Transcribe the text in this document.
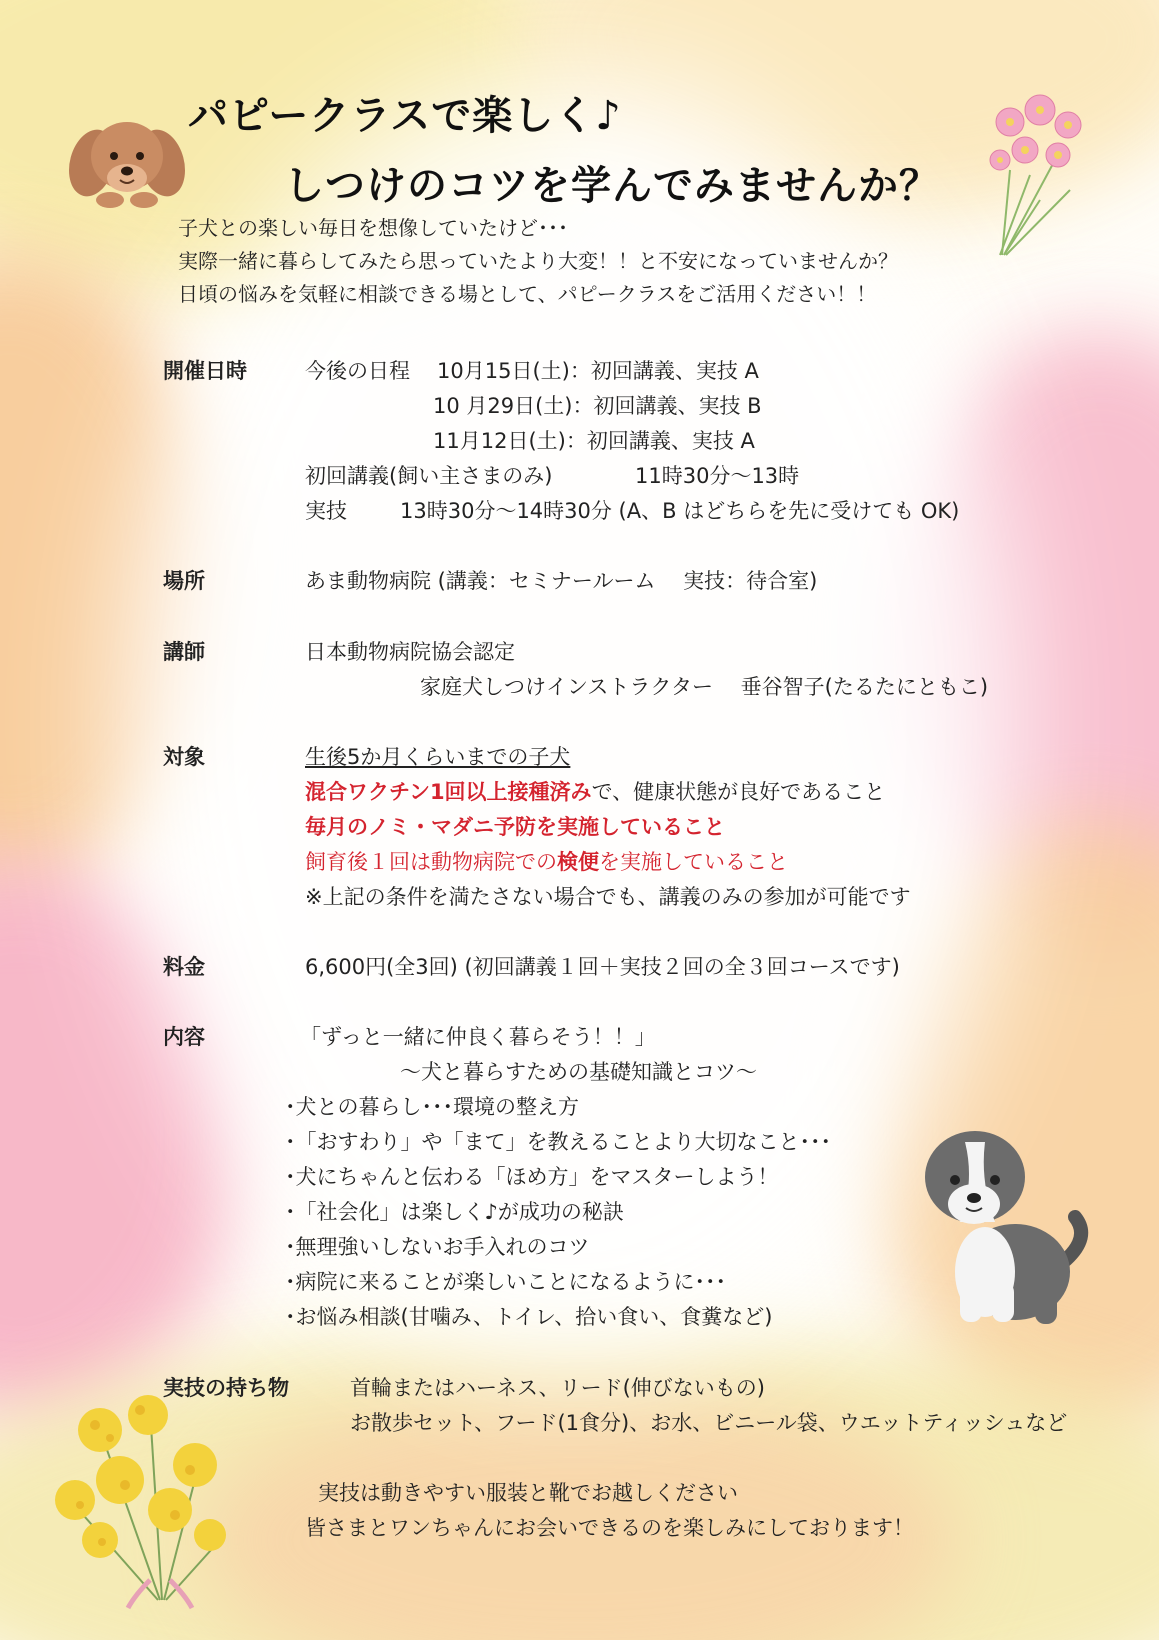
パピークラスで楽しく♪
しつけのコツを学んでみませんか？
子犬との楽しい毎日を想像していたけど･･･
実際一緒に暮らしてみたら思っていたより大変！！と不安になっていませんか？
日頃の悩みを気軽に相談できる場として、パピークラスをご活用ください！！
開催日時	今後の日程 10月15日(土)：初回講義、実技 A
10 月29日(土)：初回講義、実技 B
11月12日(土)：初回講義、実技 A
初回講義(飼い主さまのみ)	11時30分～13時
実技	13時30分～14時30分 (A、B はどちらを先に受けても OK)
場所	あま動物病院 (講義：セミナールーム　 実技：待合室)
講師	日本動物病院協会認定
家庭犬しつけインストラクター　 垂谷智子(たるたにともこ)
対象	生後5か月くらいまでの子犬
混合ワクチン1回以上接種済みで、健康状態が良好であること
毎月のノミ・マダニ予防を実施していること
飼育後１回は動物病院での検便を実施していること
※上記の条件を満たさない場合でも、講義のみの参加が可能です
料金	6,600円(全3回) (初回講義１回＋実技２回の全３回コースです)
内容	「ずっと一緒に仲良く暮らそう！！」
～犬と暮らすための基礎知識とコツ～
･犬との暮らし･･･環境の整え方
･「おすわり」や「まて」を教えることより大切なこと･･･
･犬にちゃんと伝わる「ほめ方」をマスターしよう！
･「社会化」は楽しく♪が成功の秘訣
･無理強いしないお手入れのコツ
･病院に来ることが楽しいことになるように･･･
･お悩み相談(甘噛み、トイレ、拾い食い、食糞など)
実技の持ち物	首輪またはハーネス、リード(伸びないもの)
お散歩セット、フード(1食分)、お水、ビニール袋、ウエットティッシュなど
実技は動きやすい服装と靴でお越しください
皆さまとワンちゃんにお会いできるのを楽しみにしております！
